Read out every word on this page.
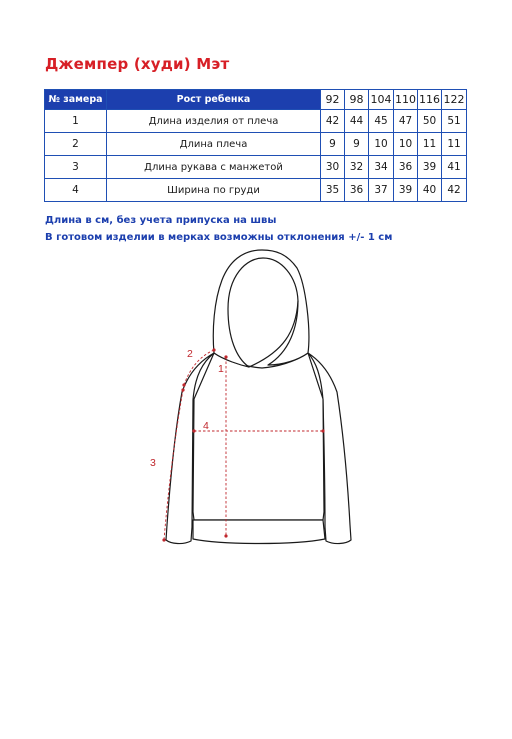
Джемпер (худи) Мэт
№ замера	Рост ребенка	92	98	104	110	116	122
1	Длина изделия от плеча	42	44	45	47	50	51
2	Длина плеча	9	9	10	10	11	11
3	Длина рукава с манжетой	30	32	34	36	39	41
4	Ширина по груди	35	36	37	39	40	42
Длина в см, без учета припуска на швы
В готовом изделии в мерках возможны отклонения +/- 1 см
1
2
3
4
